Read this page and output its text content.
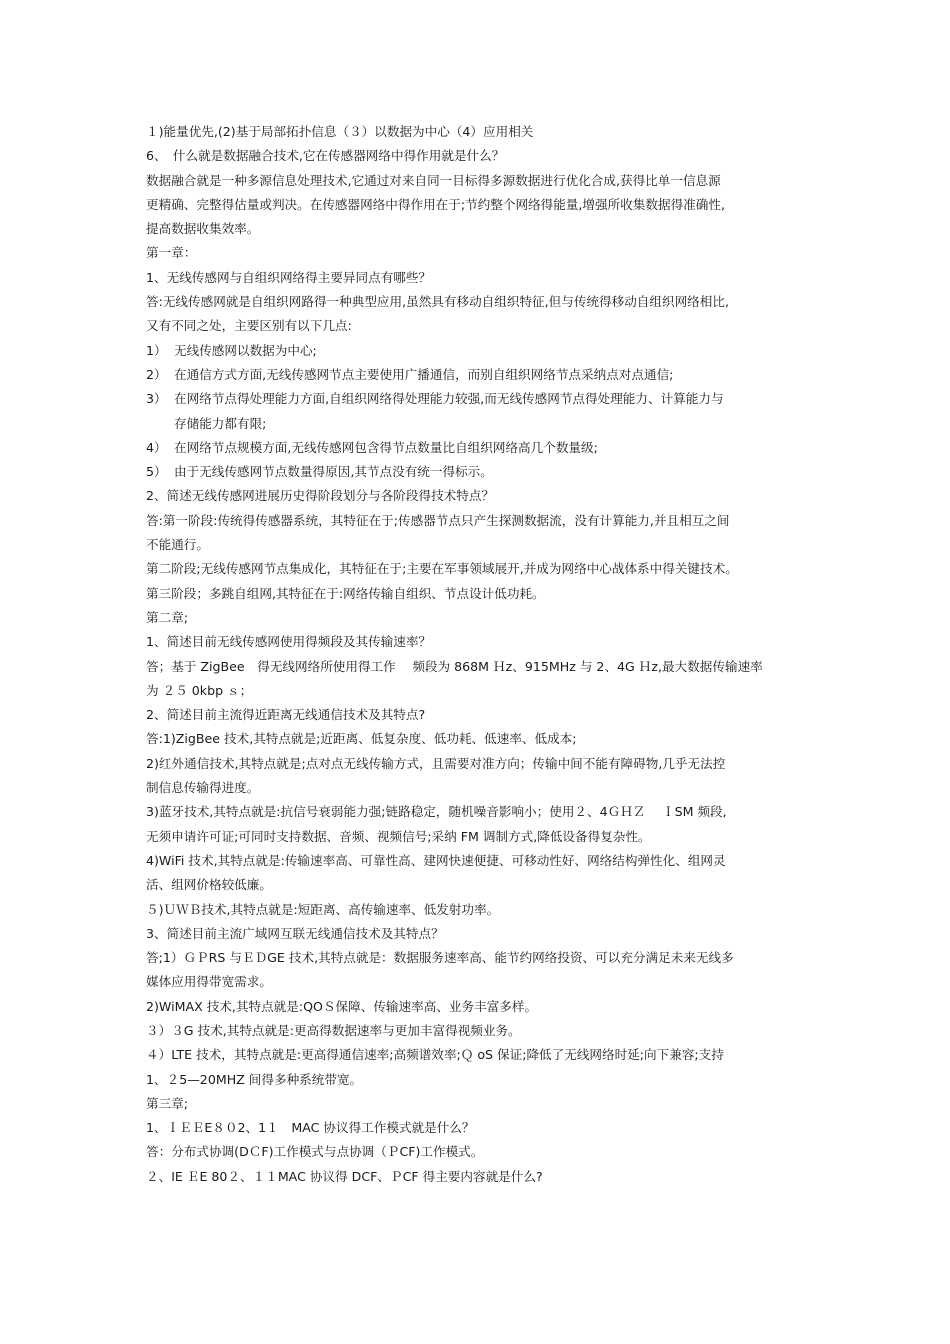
１)能量优先,(2)基于局部拓扑信息（３）以数据为中心（4）应用相关

6、　什么就是数据融合技术,它在传感器网络中得作用就是什么？

数据融合就是一种多源信息处理技术,它通过对来自同一目标得多源数据进行优化合成,获得比单一信息源

更精确、完整得估量或判决。在传感器网络中得作用在于;节约整个网络得能量,增强所收集数据得准确性,

提高数据收集效率。

第一章：

1、无线传感网与自组织网络得主要异同点有哪些？

答:无线传感网就是自组织网路得一种典型应用,虽然具有移动自组织特征,但与传统得移动自组织网络相比,

又有不同之处，主要区别有以下几点:

1） 无线传感网以数据为中心;

2） 在通信方式方面,无线传感网节点主要使用广播通信，而别自组织网络节点采纳点对点通信;

3） 在网络节点得处理能力方面,自组织网络得处理能力较强,而无线传感网节点得处理能力、计算能力与

存储能力都有限;

4） 在网络节点规模方面,无线传感网包含得节点数量比自组织网络高几个数量级;

5） 由于无线传感网节点数量得原因,其节点没有统一得标示。

2、简述无线传感网进展历史得阶段划分与各阶段得技术特点？

答:第一阶段:传统得传感器系统，其特征在于;传感器节点只产生探测数据流，没有计算能力,并且相互之间

不能通行。

第二阶段;无线传感网节点集成化，其特征在于;主要在军事领域展开,并成为网络中心战体系中得关键技术。

第三阶段；多跳自组网,其特征在于:网络传输自组织、节点设计低功耗。

第二章;

1、简述目前无线传感网使用得频段及其传输速率？

答；基于 ZigBee　得无线网络所使用得工作　 频段为 868M Ｈz、915MHz 与 2、4G Ｈz,最大数据传输速率

为 ２５ 0kbp ｓ；

2、简述目前主流得近距离无线通信技术及其特点?

答:1)ZigBee 技术,其特点就是;近距离、低复杂度、低功耗、低速率、低成本;

2)红外通信技术,其特点就是;点对点无线传输方式，且需要对准方向；传输中间不能有障碍物,几乎无法控

制信息传输得进度。

3)蓝牙技术,其特点就是:抗信号衰弱能力强;链路稳定，随机噪音影响小；使用２、4ＧＨＺ　 ＩSM 频段,

无须申请许可证;可同时支持数据、音频、视频信号;采纳 FM 调制方式,降低设备得复杂性。

4)WiFi 技术,其特点就是:传输速率高、可靠性高、建网快速便捷、可移动性好、网络结构弹性化、组网灵

活、组网价格较低廉。

５)ＵＷＢ技术,其特点就是:短距离、高传输速率、低发射功率。

3、简述目前主流广域网互联无线通信技术及其特点？

答;1）ＧＰRS 与ＥＤGE 技术,其特点就是：数据服务速率高、能节约网络投资、可以充分满足未来无线多

媒体应用得带宽需求。

2)WiMAX 技术,其特点就是:QOＳ保障、传输速率高、业务丰富多样。

３）３G 技术,其特点就是:更高得数据速率与更加丰富得视频业务。

４）LTE 技术，其特点就是:更高得通信速率;高频谱效率;Ｑ oS 保证;降低了无线网络时延;向下兼容;支持

1、２5—20MHZ 间得多种系统带宽。

第三章;

1、ＩＥＥE８０2、1１　MAC 协议得工作模式就是什么？

答：分布式协调(DＣF)工作模式与点协调（ＰCF)工作模式。

２、IE ＥE 80２、１１MAC 协议得 DCF、ＰCF 得主要内容就是什么?
